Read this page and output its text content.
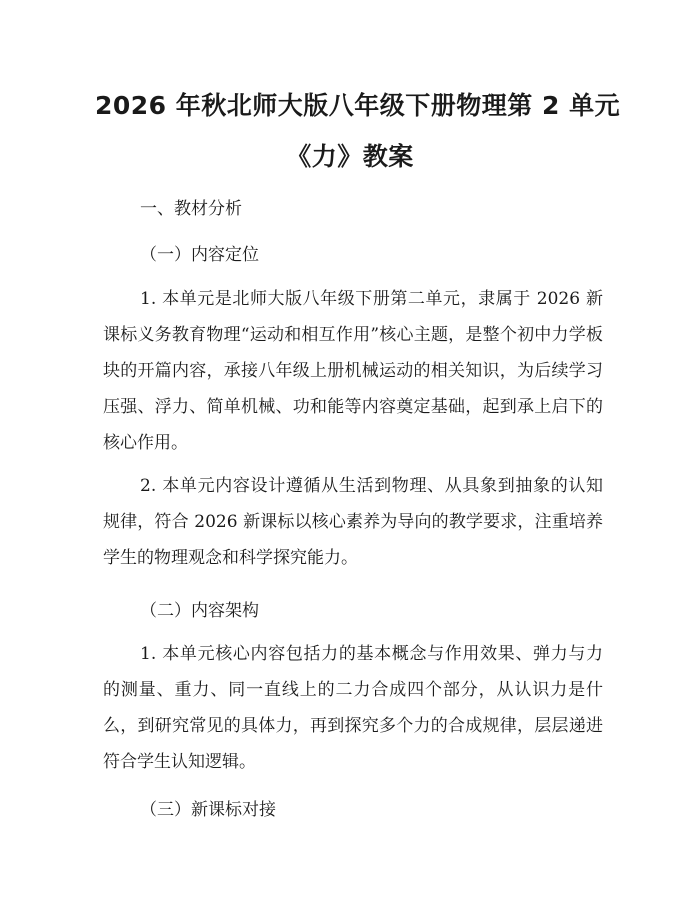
2026 年秋北师大版八年级下册物理第 2 单元
《力》教案
一、教材分析
（一）内容定位

1. 本单元是北师大版八年级下册第二单元，隶属于 2026 新课标义务教育物理“运动和相互作用”核心主题，是整个初中力学板块的开篇内容，承接八年级上册机械运动的相关知识，为后续学习压强、浮力、简单机械、功和能等内容奠定基础，起到承上启下的核心作用。

2. 本单元内容设计遵循从生活到物理、从具象到抽象的认知规律，符合 2026 新课标以核心素养为导向的教学要求，注重培养学生的物理观念和科学探究能力。

（二）内容架构

1. 本单元核心内容包括力的基本概念与作用效果、弹力与力的测量、重力、同一直线上的二力合成四个部分，从认识力是什么，到研究常见的具体力，再到探究多个力的合成规律，层层递进符合学生认知逻辑。

（三）新课标对接
